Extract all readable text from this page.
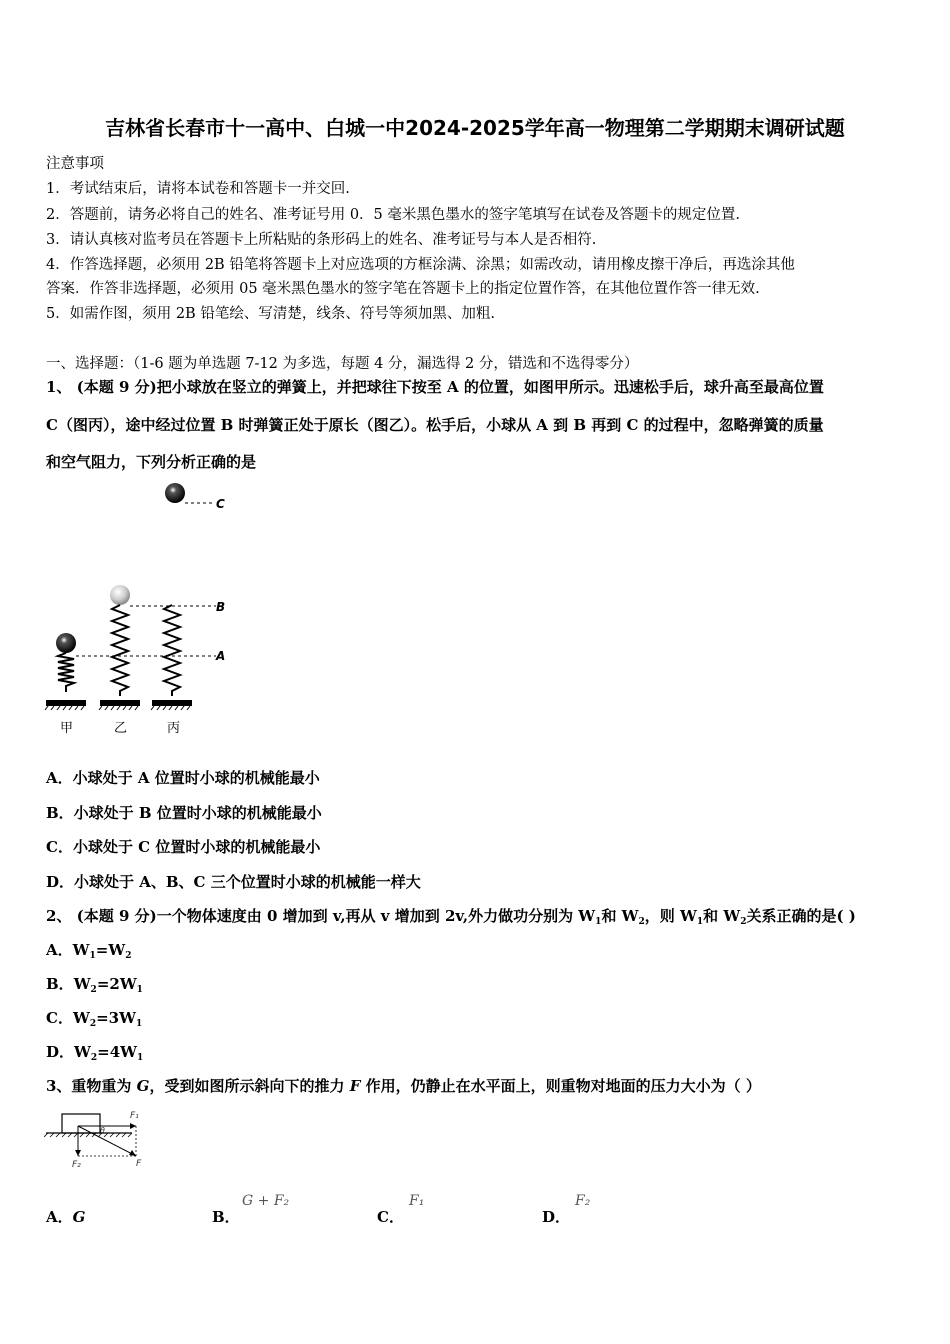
吉林省长春市十一高中、白城一中2024-2025学年高一物理第二学期期末调研试题
注意事项
1．考试结束后，请将本试卷和答题卡一并交回.
2．答题前，请务必将自己的姓名、准考证号用 0．5 毫米黑色墨水的签字笔填写在试卷及答题卡的规定位置.
3．请认真核对监考员在答题卡上所粘贴的条形码上的姓名、准考证号与本人是否相符.
4．作答选择题，必须用 2B 铅笔将答题卡上对应选项的方框涂满、涂黑；如需改动，请用橡皮擦干净后，再选涂其他
答案．作答非选择题，必须用 05 毫米黑色墨水的签字笔在答题卡上的指定位置作答，在其他位置作答一律无效.
5．如需作图，须用 2B 铅笔绘、写清楚，线条、符号等须加黑、加粗.
一、选择题：（1-6 题为单选题 7-12 为多选，每题 4 分，漏选得 2 分，错选和不选得零分）
1、 (本题 9 分)把小球放在竖立的弹簧上，并把球往下按至 A 的位置，如图甲所示。迅速松手后，球升高至最高位置
C（图丙），途中经过位置 B 时弹簧正处于原长（图乙）。松手后，小球从 A 到 B 再到 C 的过程中，忽略弹簧的质量
和空气阻力，下列分析正确的是
C
B
A
甲	乙	丙
A．小球处于 A 位置时小球的机械能最小
B．小球处于 B 位置时小球的机械能最小
C．小球处于 C 位置时小球的机械能最小
D．小球处于 A、B、C 三个位置时小球的机械能一样大
2、 (本题 9 分)一个物体速度由 0 增加到 v,再从 v 增加到 2v,外力做功分别为 $W_1$和 $W_2$，则 $W_1$和 $W_2$关系正确的是( )
A．$W_1=W_2$
B．$W_2=2W_1$
C．$W_2=3W_1$
D．$W_2=4W_1$
3、重物重为 G，受到如图所示斜向下的推力 F 作用，仍静止在水平面上，则重物对地面的压力大小为（ ）
F₁
F₂	F
θ
A．G	B．
G + F₂
C．
F₁
D．
F₂
